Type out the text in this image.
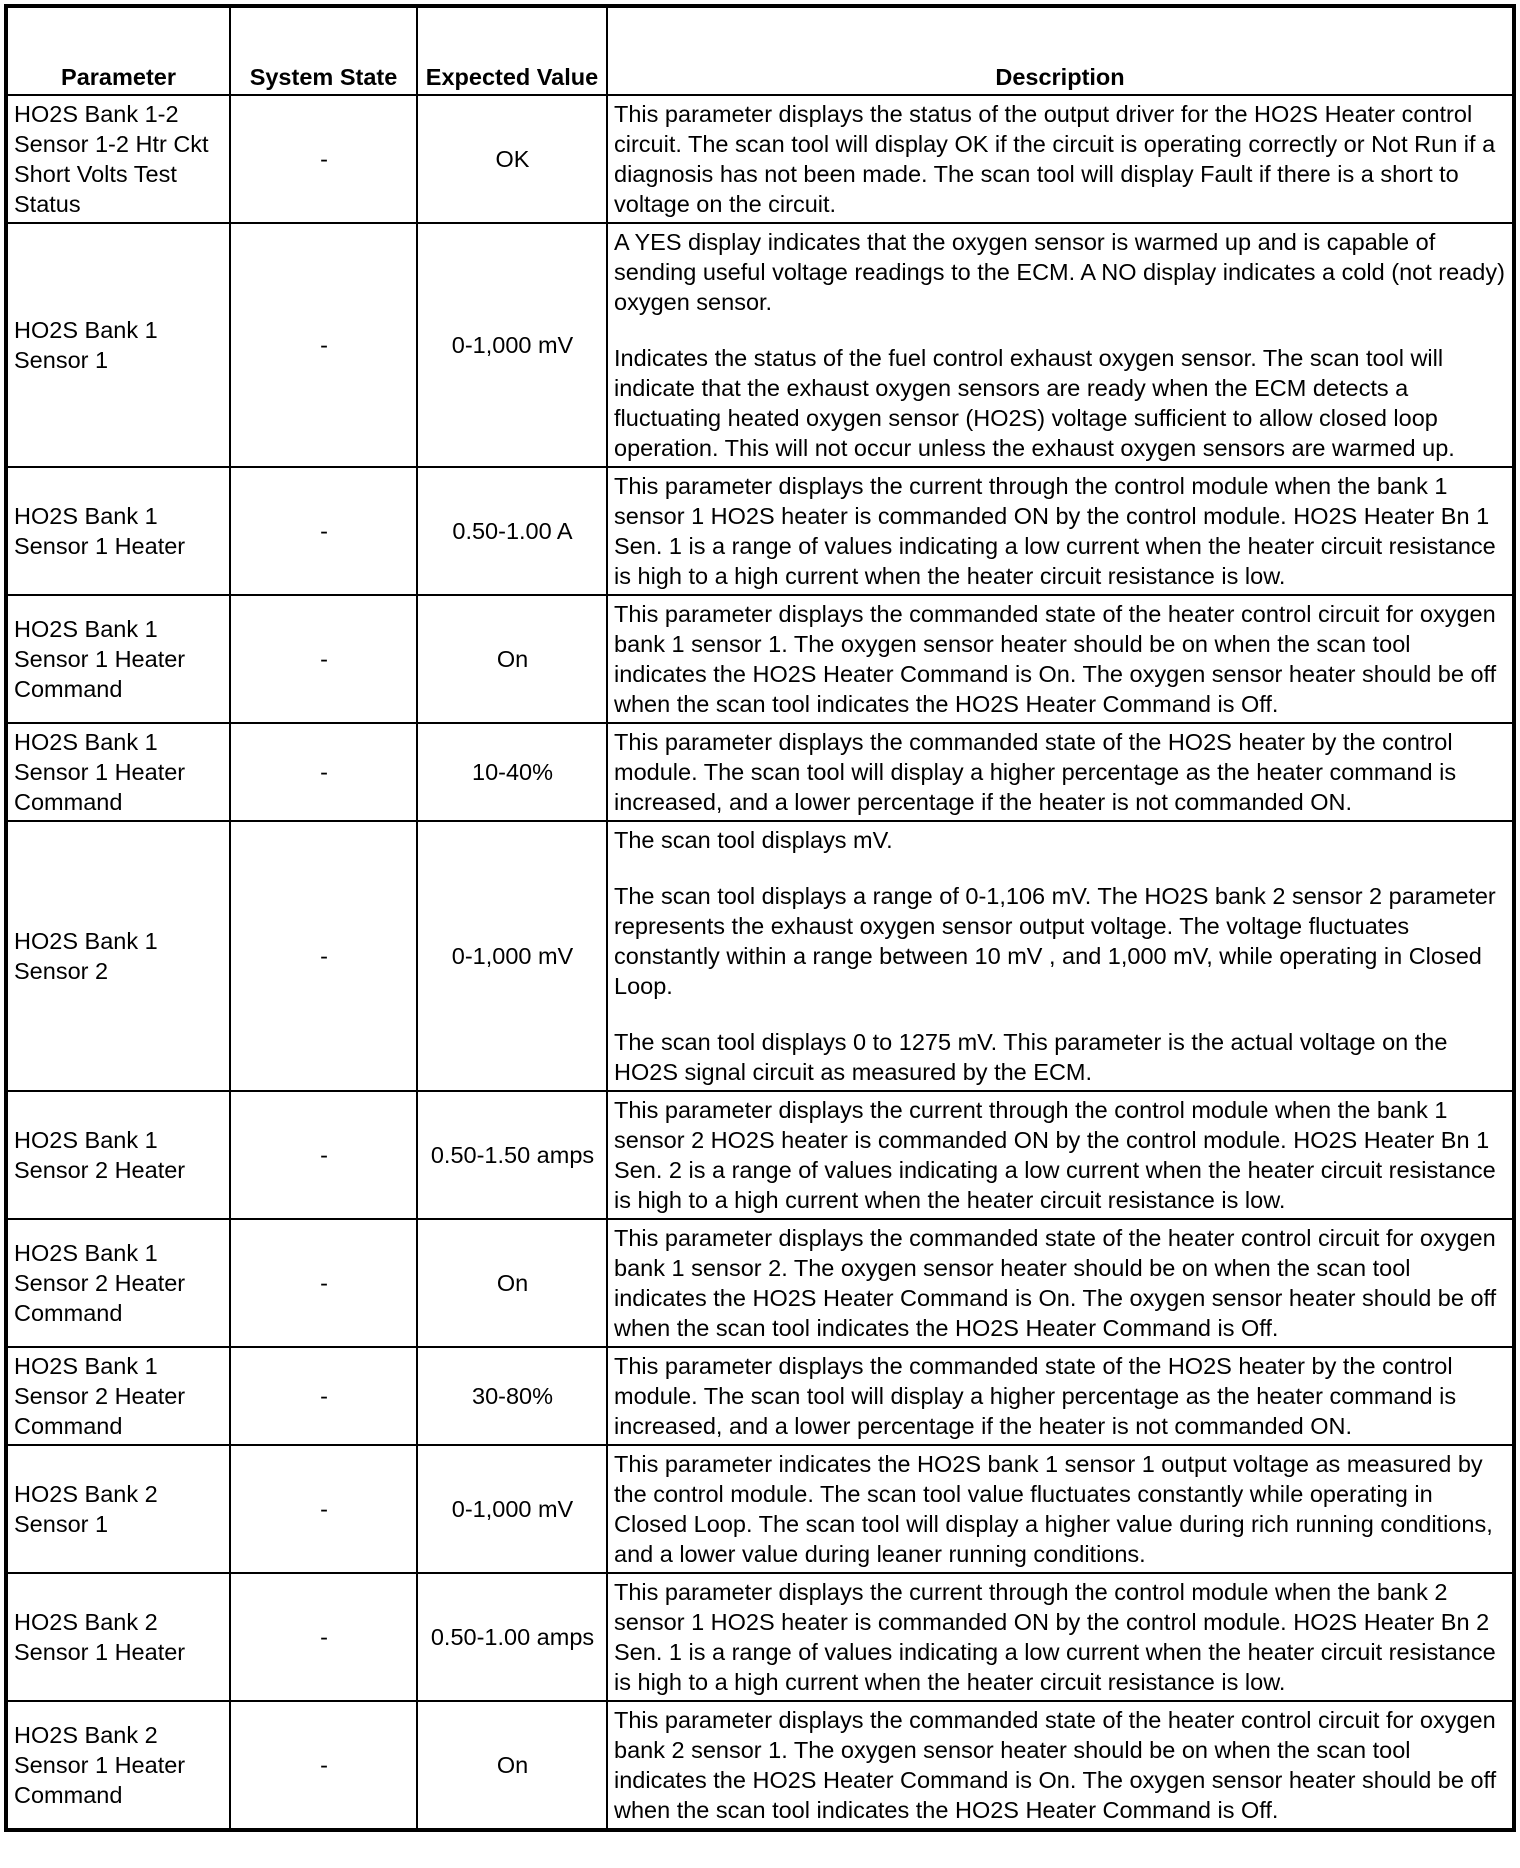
Parameter	System State	Expected Value	Description
HO2S Bank 1-2 Sensor 1-2 Htr Ckt Short Volts Test Status	-	OK	This parameter displays the status of the output driver for the HO2S Heater control circuit. The scan tool will display OK if the circuit is operating correctly or Not Run if a diagnosis has not been made. The scan tool will display Fault if there is a short to voltage on the circuit.

HO2S Bank 1 Sensor 1	-	0-1,000 mV	A YES display indicates that the oxygen sensor is warmed up and is capable of sending useful voltage readings to the ECM. A NO display indicates a cold (not ready) oxygen sensor.

Indicates the status of the fuel control exhaust oxygen sensor. The scan tool will indicate that the exhaust oxygen sensors are ready when the ECM detects a fluctuating heated oxygen sensor (HO2S) voltage sufficient to allow closed loop operation. This will not occur unless the exhaust oxygen sensors are warmed up.

HO2S Bank 1 Sensor 1 Heater	-	0.50-1.00 A	This parameter displays the current through the control module when the bank 1 sensor 1 HO2S heater is commanded ON by the control module. HO2S Heater Bn 1 Sen. 1 is a range of values indicating a low current when the heater circuit resistance is high to a high current when the heater circuit resistance is low.

HO2S Bank 1 Sensor 1 Heater Command	-	On	This parameter displays the commanded state of the heater control circuit for oxygen bank 1 sensor 1. The oxygen sensor heater should be on when the scan tool indicates the HO2S Heater Command is On. The oxygen sensor heater should be off when the scan tool indicates the HO2S Heater Command is Off.

HO2S Bank 1 Sensor 1 Heater Command	-	10-40%	This parameter displays the commanded state of the HO2S heater by the control module. The scan tool will display a higher percentage as the heater command is increased, and a lower percentage if the heater is not commanded ON.

HO2S Bank 1 Sensor 2	-	0-1,000 mV	The scan tool displays mV.

The scan tool displays a range of 0-1,106 mV. The HO2S bank 2 sensor 2 parameter represents the exhaust oxygen sensor output voltage. The voltage fluctuates constantly within a range between 10 mV , and 1,000 mV, while operating in Closed Loop.

The scan tool displays 0 to 1275 mV. This parameter is the actual voltage on the HO2S signal circuit as measured by the ECM.

HO2S Bank 1 Sensor 2 Heater	-	0.50-1.50 amps	This parameter displays the current through the control module when the bank 1 sensor 2 HO2S heater is commanded ON by the control module. HO2S Heater Bn 1 Sen. 2 is a range of values indicating a low current when the heater circuit resistance is high to a high current when the heater circuit resistance is low.

HO2S Bank 1 Sensor 2 Heater Command	-	On	This parameter displays the commanded state of the heater control circuit for oxygen bank 1 sensor 2. The oxygen sensor heater should be on when the scan tool indicates the HO2S Heater Command is On. The oxygen sensor heater should be off when the scan tool indicates the HO2S Heater Command is Off.

HO2S Bank 1 Sensor 2 Heater Command	-	30-80%	This parameter displays the commanded state of the HO2S heater by the control module. The scan tool will display a higher percentage as the heater command is increased, and a lower percentage if the heater is not commanded ON.

HO2S Bank 2 Sensor 1	-	0-1,000 mV	This parameter indicates the HO2S bank 1 sensor 1 output voltage as measured by the control module. The scan tool value fluctuates constantly while operating in Closed Loop. The scan tool will display a higher value during rich running conditions, and a lower value during leaner running conditions.

HO2S Bank 2 Sensor 1 Heater	-	0.50-1.00 amps	This parameter displays the current through the control module when the bank 2 sensor 1 HO2S heater is commanded ON by the control module. HO2S Heater Bn 2 Sen. 1 is a range of values indicating a low current when the heater circuit resistance is high to a high current when the heater circuit resistance is low.

HO2S Bank 2 Sensor 1 Heater Command	-	On	This parameter displays the commanded state of the heater control circuit for oxygen bank 2 sensor 1. The oxygen sensor heater should be on when the scan tool indicates the HO2S Heater Command is On. The oxygen sensor heater should be off when the scan tool indicates the HO2S Heater Command is Off.
